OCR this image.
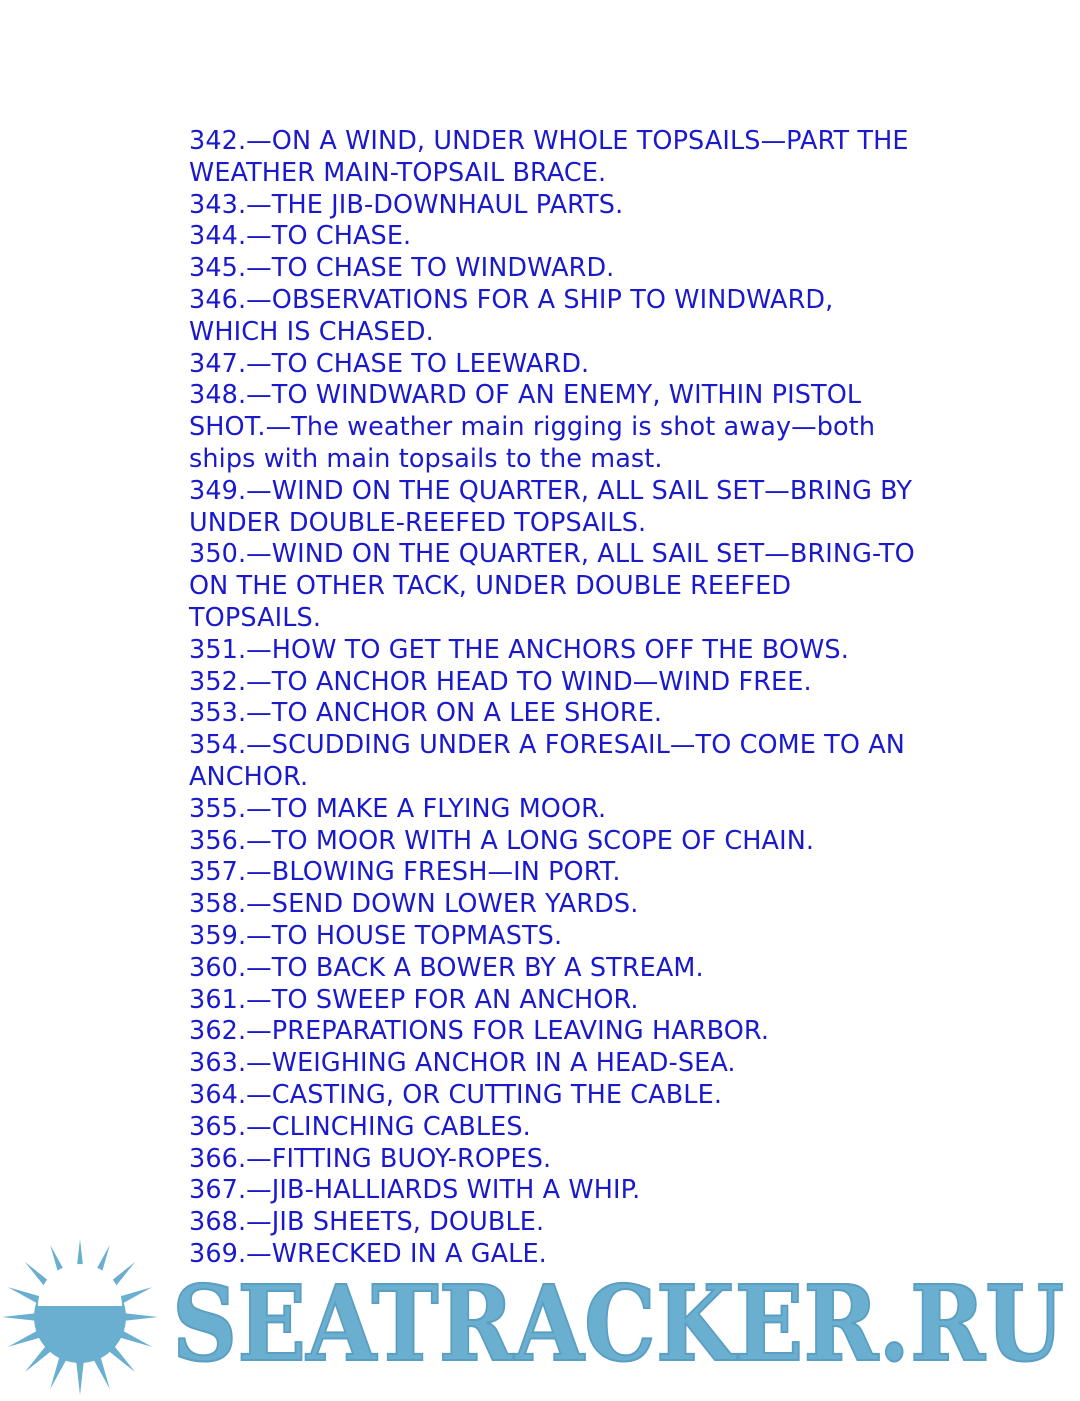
342.—ON A WIND, UNDER WHOLE TOPSAILS—PART THE
WEATHER MAIN-TOPSAIL BRACE.
343.—THE JIB-DOWNHAUL PARTS.
344.—TO CHASE.
345.—TO CHASE TO WINDWARD.
346.—OBSERVATIONS FOR A SHIP TO WINDWARD,
WHICH IS CHASED.
347.—TO CHASE TO LEEWARD.
348.—TO WINDWARD OF AN ENEMY, WITHIN PISTOL
SHOT.—The weather main rigging is shot away—both
ships with main topsails to the mast.
349.—WIND ON THE QUARTER, ALL SAIL SET—BRING BY
UNDER DOUBLE-REEFED TOPSAILS.
350.—WIND ON THE QUARTER, ALL SAIL SET—BRING-TO
ON THE OTHER TACK, UNDER DOUBLE REEFED
TOPSAILS.
351.—HOW TO GET THE ANCHORS OFF THE BOWS.
352.—TO ANCHOR HEAD TO WIND—WIND FREE.
353.—TO ANCHOR ON A LEE SHORE.
354.—SCUDDING UNDER A FORESAIL—TO COME TO AN
ANCHOR.
355.—TO MAKE A FLYING MOOR.
356.—TO MOOR WITH A LONG SCOPE OF CHAIN.
357.—BLOWING FRESH—IN PORT.
358.—SEND DOWN LOWER YARDS.
359.—TO HOUSE TOPMASTS.
360.—TO BACK A BOWER BY A STREAM.
361.—TO SWEEP FOR AN ANCHOR.
362.—PREPARATIONS FOR LEAVING HARBOR.
363.—WEIGHING ANCHOR IN A HEAD-SEA.
364.—CASTING, OR CUTTING THE CABLE.
365.—CLINCHING CABLES.
366.—FITTING BUOY-ROPES.
367.—JIB-HALLIARDS WITH A WHIP.
368.—JIB SHEETS, DOUBLE.
369.—WRECKED IN A GALE.
SEATRACKER.RU
